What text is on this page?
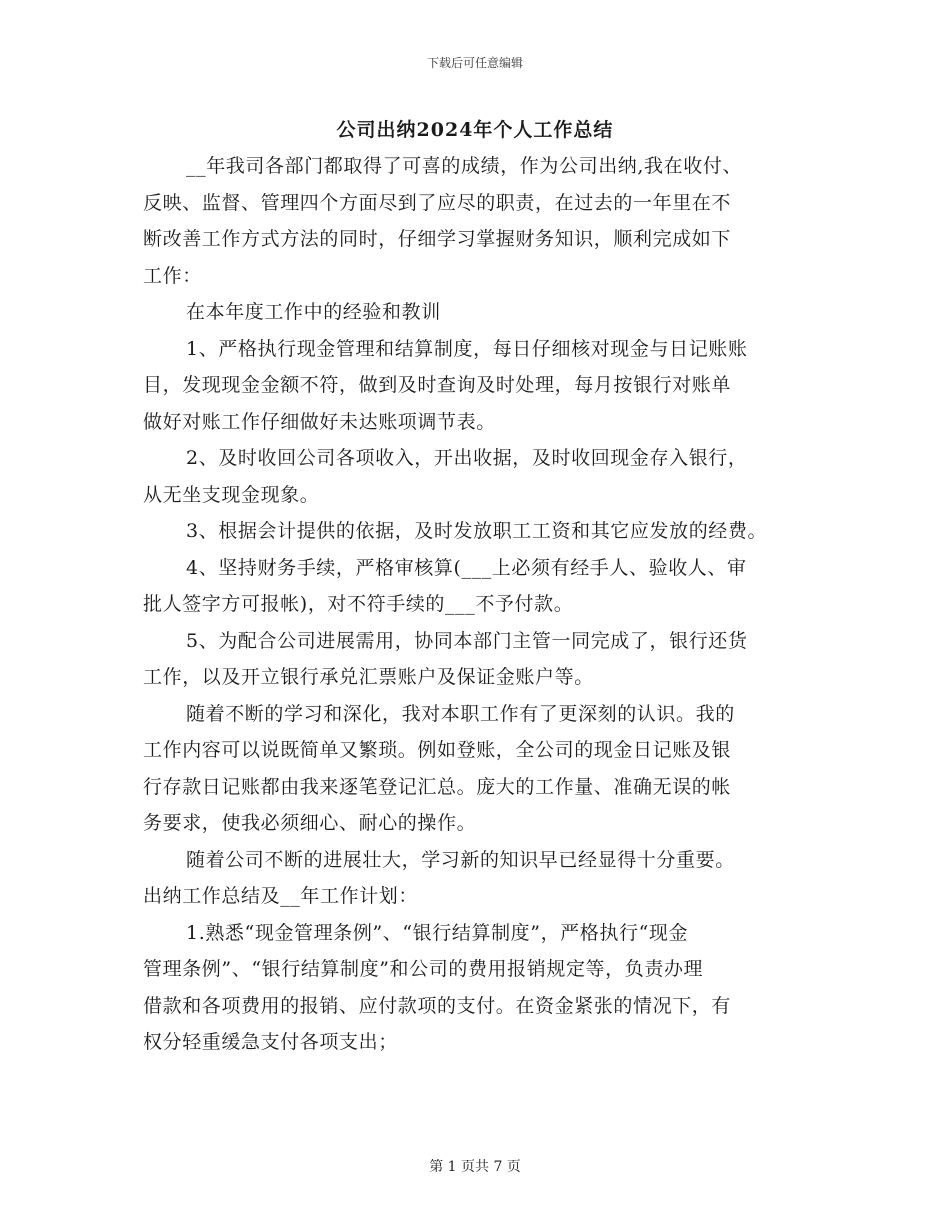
下载后可任意编辑
公司出纳2024年个人工作总结
__年我司各部门都取得了可喜的成绩，作为公司出纳,我在收付、
反映、监督、管理四个方面尽到了应尽的职责，在过去的一年里在不
断改善工作方式方法的同时，仔细学习掌握财务知识，顺利完成如下
工作：
在本年度工作中的经验和教训
1、严格执行现金管理和结算制度，每日仔细核对现金与日记账账
目，发现现金金额不符，做到及时查询及时处理，每月按银行对账单
做好对账工作仔细做好未达账项调节表。
2、及时收回公司各项收入，开出收据，及时收回现金存入银行，
从无坐支现金现象。
3、根据会计提供的依据，及时发放职工工资和其它应发放的经费。
4、坚持财务手续，严格审核算(___上必须有经手人、验收人、审
批人签字方可报帐)，对不符手续的___不予付款。
5、为配合公司进展需用，协同本部门主管一同完成了，银行还货
工作，以及开立银行承兑汇票账户及保证金账户等。
随着不断的学习和深化，我对本职工作有了更深刻的认识。我的
工作内容可以说既简单又繁琐。例如登账，全公司的现金日记账及银
行存款日记账都由我来逐笔登记汇总。庞大的工作量、准确无误的帐
务要求，使我必须细心、耐心的操作。
随着公司不断的进展壮大，学习新的知识早已经显得十分重要。
出纳工作总结及__年工作计划：
1.熟悉“现金管理条例”、“银行结算制度”，严格执行“现金
管理条例”、“银行结算制度”和公司的费用报销规定等，负责办理
借款和各项费用的报销、应付款项的支付。在资金紧张的情况下，有
权分轻重缓急支付各项支出；
第 1 页共 7 页
